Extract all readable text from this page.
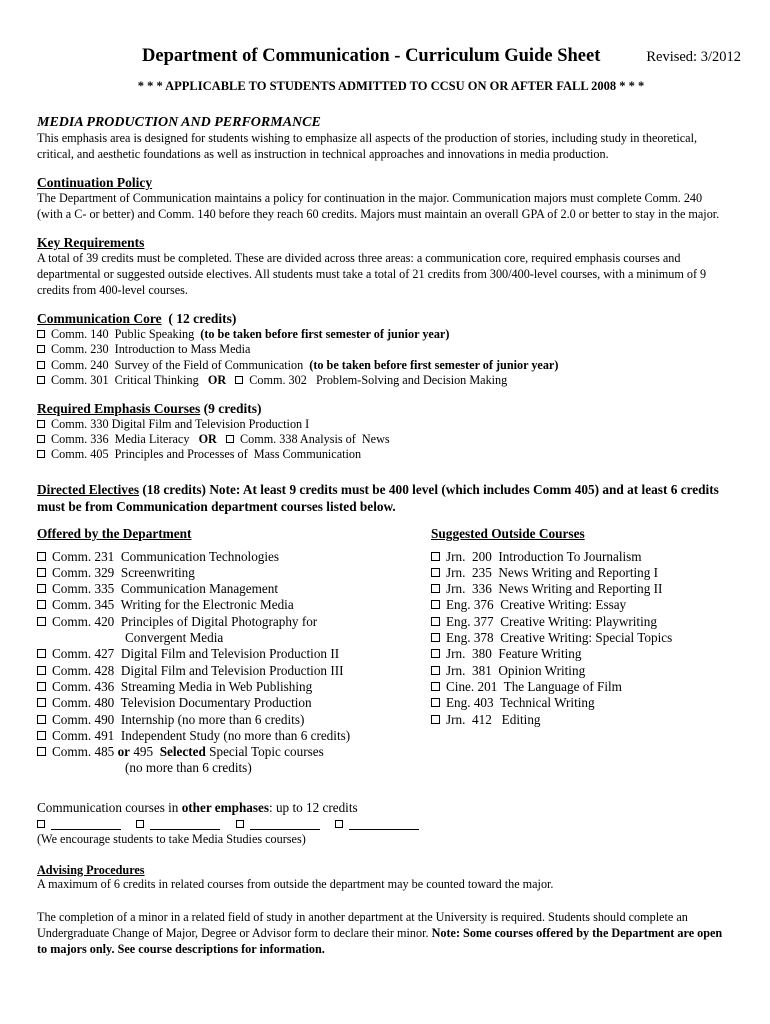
Department of Communication - Curriculum Guide Sheet	Revised: 3/2012
* * * APPLICABLE TO STUDENTS ADMITTED TO CCSU ON OR AFTER FALL 2008 * * *
MEDIA PRODUCTION AND PERFORMANCE

This emphasis area is designed for students wishing to emphasize all aspects of the production of stories, including study in theoretical, critical, and aesthetic foundations as well as instruction in technical approaches and innovations in media production.

Continuation Policy

The Department of Communication maintains a policy for continuation in the major. Communication majors must complete Comm. 240 (with a C- or better) and Comm. 140 before they reach 60 credits. Majors must maintain an overall GPA of 2.0 or better to stay in the major.

Key Requirements

A total of 39 credits must be completed. These are divided across three areas: a communication core, required emphasis courses and departmental or suggested outside electives. All students must take a total of 21 credits from 300/400-level courses, with a minimum of 9 credits from 400-level courses.

Communication Core  ( 12 credits)
Comm. 140  Public Speaking  (to be taken before first semester of junior year)
Comm. 230  Introduction to Mass Media
Comm. 240  Survey of the Field of Communication  (to be taken before first semester of junior year)
Comm. 301  Critical Thinking   OR Comm. 302   Problem-Solving and Decision Making
Required Emphasis Courses (9 credits)
Comm. 330 Digital Film and Television Production I
Comm. 336  Media Literacy   OR Comm. 338 Analysis of  News
Comm. 405  Principles and Processes of  Mass Communication
Directed Electives (18 credits) Note: At least 9 credits must be 400 level (which includes Comm 405) and at least 6 credits must be from Communication department courses listed below.
Offered by the Department
Comm. 231  Communication Technologies
Comm. 329  Screenwriting
Comm. 335  Communication Management
Comm. 345  Writing for the Electronic Media
Comm. 420  Principles of Digital Photography for
Convergent Media
Comm. 427  Digital Film and Television Production II
Comm. 428  Digital Film and Television Production III
Comm. 436  Streaming Media in Web Publishing
Comm. 480  Television Documentary Production
Comm. 490  Internship (no more than 6 credits)
Comm. 491  Independent Study (no more than 6 credits)
Comm. 485 or 495  Selected Special Topic courses
(no more than 6 credits)
Suggested Outside Courses
Jrn.  200  Introduction To Journalism
Jrn.  235  News Writing and Reporting I
Jrn.  336  News Writing and Reporting II
Eng. 376  Creative Writing: Essay
Eng. 377  Creative Writing: Playwriting
Eng. 378  Creative Writing: Special Topics
Jrn.  380  Feature Writing
Jrn.  381  Opinion Writing
Cine. 201  The Language of Film
Eng. 403  Technical Writing
Jrn.  412   Editing
Communication courses in other emphases: up to 12 credits

(We encourage students to take Media Studies courses)
Advising Procedures

A maximum of 6 credits in related courses from outside the department may be counted toward the major.

The completion of a minor in a related field of study in another department at the University is required. Students should complete an Undergraduate Change of Major, Degree or Advisor form to declare their minor. Note: Some courses offered by the Department are open to majors only. See course descriptions for information.
